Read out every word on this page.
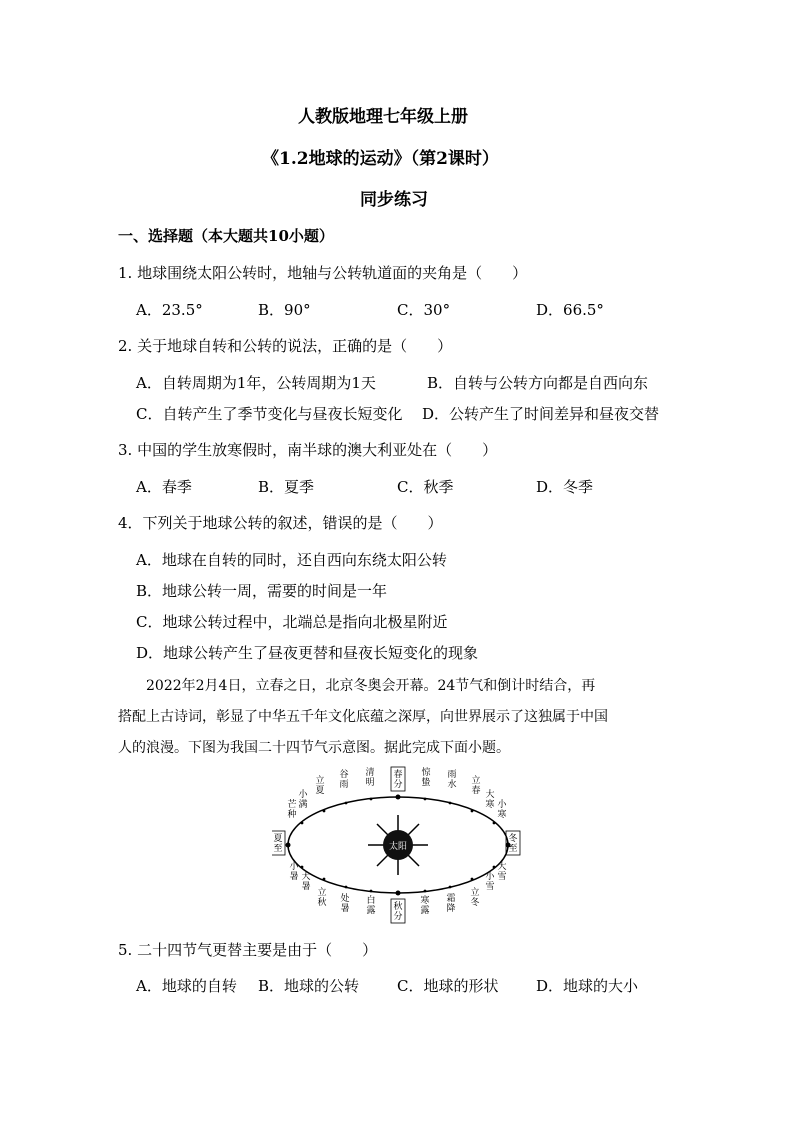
人教版地理七年级上册
《1.2地球的运动》（第2课时）
同步练习
一、选择题（本大题共10小题）
1. 地球围绕太阳公转时，地轴与公转轨道面的夹角是（　　）
A．23.5°	B．90°	C．30°	D．66.5°
2. 关于地球自转和公转的说法，正确的是（　　）
A．自转周期为1年，公转周期为1天	B．自转与公转方向都是自西向东
C．自转产生了季节变化与昼夜长短变化 D．公转产生了时间差异和昼夜交替
3. 中国的学生放寒假时，南半球的澳大利亚处在（　　）
A．春季	B．夏季	C．秋季	D．冬季
4．下列关于地球公转的叙述，错误的是（　　）
A．地球在自转的同时，还自西向东绕太阳公转
B．地球公转一周，需要的时间是一年
C．地球公转过程中，北端总是指向北极星附近
D．地球公转产生了昼夜更替和昼夜长短变化的现象
2022年2月4日，立春之日，北京冬奥会开幕。24节气和倒计时结合，再
搭配上古诗词，彰显了中华五千年文化底蕴之深厚，向世界展示了这独属于中国
人的浪漫。下图为我国二十四节气示意图。据此完成下面小题。
太阳
春分
秋分
夏至
冬至
立夏
谷雨
清明
惊蛰
雨水 立春
立秋 处暑
白露
寒露
霜降
立冬
小满
芒种
小暑 大暑
大寒 小寒
大雪
小雪
5. 二十四节气更替主要是由于（　　）
A．地球的自转 B．地球的公转	C．地球的形状	D．地球的大小
